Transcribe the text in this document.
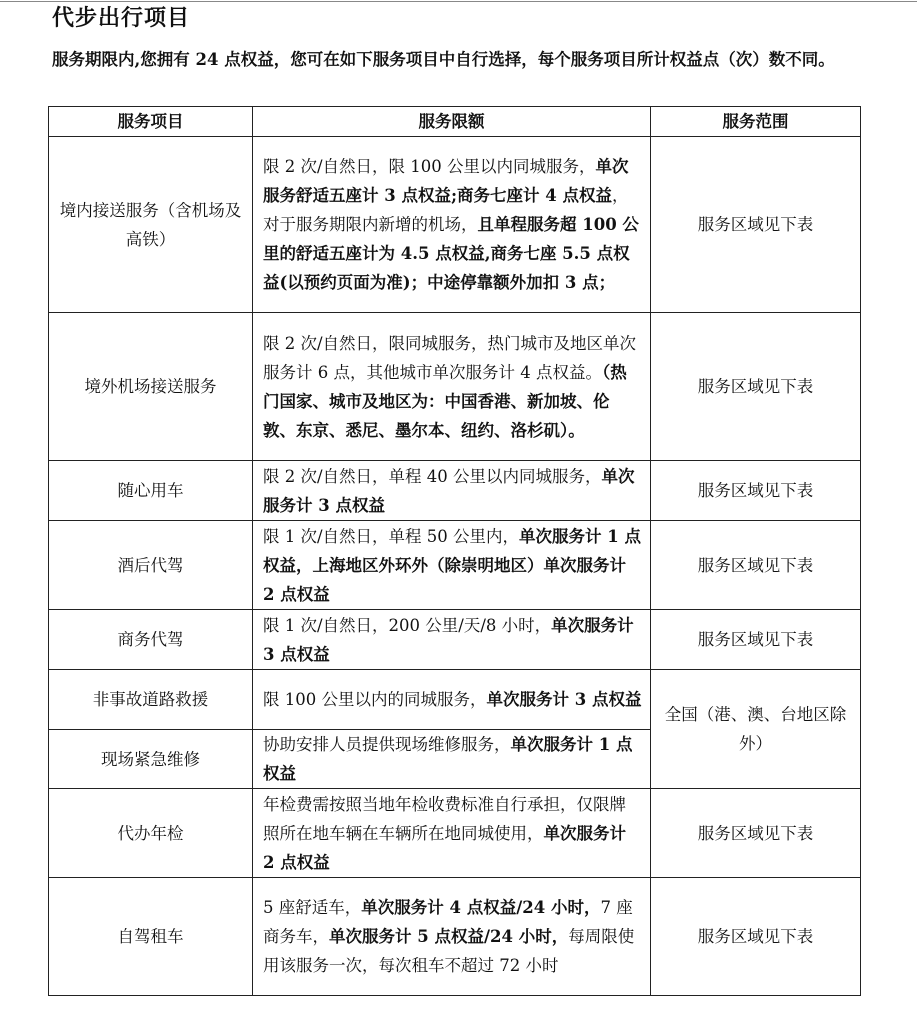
代步出行项目

服务期限内,您拥有 24 点权益，您可在如下服务项目中自行选择，每个服务项目所计权益点（次）数不同。

服务项目	服务限额	服务范围
境内接送服务（含机场及高铁）	限 2 次/自然日，限 100 公里以内同城服务，单次服务舒适五座计 3 点权益;商务七座计 4 点权益，对于服务期限内新增的机场，且单程服务超 100 公里的舒适五座计为 4.5 点权益,商务七座 5.5 点权益(以预约页面为准)；中途停靠额外加扣 3 点；	服务区域见下表
境外机场接送服务	限 2 次/自然日，限同城服务，热门城市及地区单次服务计 6 点，其他城市单次服务计 4 点权益。（热门国家、城市及地区为：中国香港、新加坡、伦敦、东京、悉尼、墨尔本、纽约、洛杉矶）。	服务区域见下表
随心用车	限 2 次/自然日，单程 40 公里以内同城服务，单次服务计 3 点权益	服务区域见下表
酒后代驾	限 1 次/自然日，单程 50 公里内，单次服务计 1 点权益，上海地区外环外（除崇明地区）单次服务计 2 点权益	服务区域见下表
商务代驾	限 1 次/自然日，200 公里/天/8 小时，单次服务计 3 点权益	服务区域见下表
非事故道路救援	限 100 公里以内的同城服务，单次服务计 3 点权益	全国（港、澳、台地区除外）
现场紧急维修	协助安排人员提供现场维修服务，单次服务计 1 点权益	
代办年检	年检费需按照当地年检收费标准自行承担，仅限牌照所在地车辆在车辆所在地同城使用，单次服务计 2 点权益	服务区域见下表
自驾租车	5 座舒适车，单次服务计 4 点权益/24 小时，7 座商务车，单次服务计 5 点权益/24 小时，每周限使用该服务一次，每次租车不超过 72 小时	服务区域见下表
